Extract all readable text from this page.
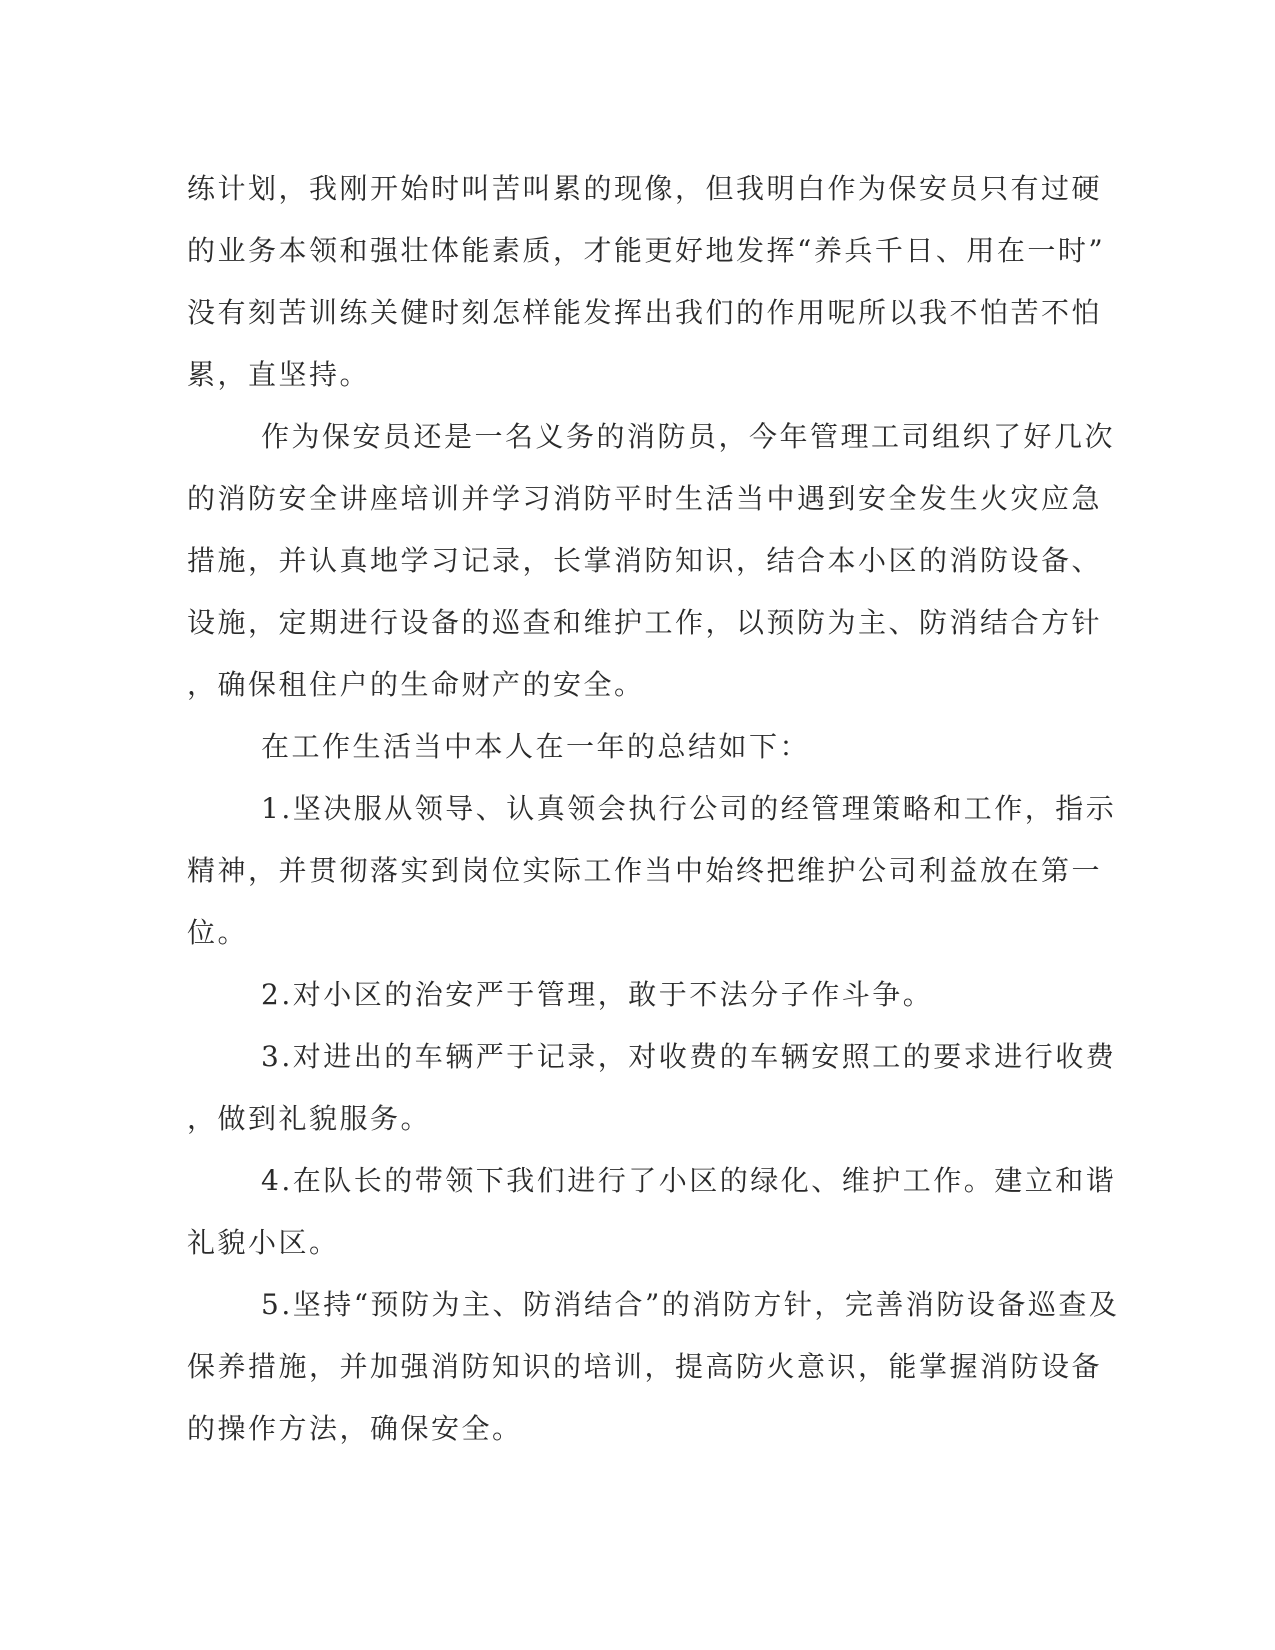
练计划，我刚开始时叫苦叫累的现像，但我明白作为保安员只有过硬
的业务本领和强壮体能素质，才能更好地发挥“养兵千日、用在一时”
没有刻苦训练关健时刻怎样能发挥出我们的作用呢所以我不怕苦不怕
累，直坚持。
作为保安员还是一名义务的消防员，今年管理工司组织了好几次
的消防安全讲座培训并学习消防平时生活当中遇到安全发生火灾应急
措施，并认真地学习记录，长掌消防知识，结合本小区的消防设备、
设施，定期进行设备的巡查和维护工作，以预防为主、防消结合方针
，确保租住户的生命财产的安全。
在工作生活当中本人在一年的总结如下：
1.坚决服从领导、认真领会执行公司的经管理策略和工作，指示
精神，并贯彻落实到岗位实际工作当中始终把维护公司利益放在第一
位。
2.对小区的治安严于管理，敢于不法分子作斗争。
3.对进出的车辆严于记录，对收费的车辆安照工的要求进行收费
，做到礼貌服务。
4.在队长的带领下我们进行了小区的绿化、维护工作。建立和谐
礼貌小区。
5.坚持“预防为主、防消结合”的消防方针，完善消防设备巡查及
保养措施，并加强消防知识的培训，提高防火意识，能掌握消防设备
的操作方法，确保安全。
